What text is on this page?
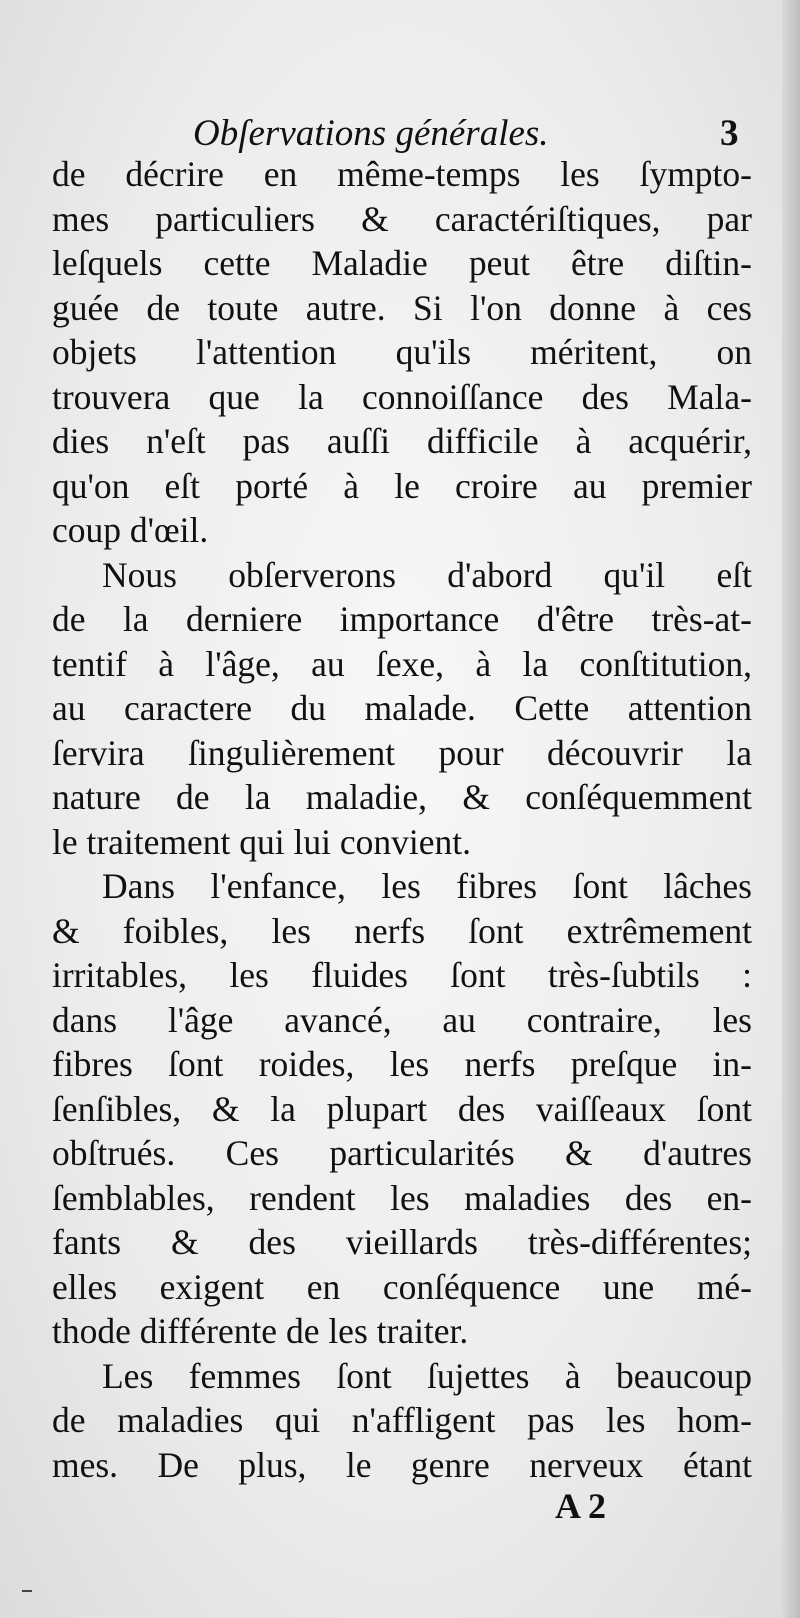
Obſervations générales.	3
de décrire en même-temps les ſympto-
mes particuliers & caractériſtiques, par
leſquels cette Maladie peut être diſtin-
guée de toute autre. Si l'on donne à ces
objets l'attention qu'ils méritent, on
trouvera que la connoiſſance des Mala-
dies n'eſt pas auſſi difficile à acquérir,
qu'on eſt porté à le croire au premier
coup d'œil.
Nous obſerverons d'abord qu'il eſt
de la derniere importance d'être très-at-
tentif à l'âge, au ſexe, à la conſtitution,
au caractere du malade. Cette attention
ſervira ſingulièrement pour découvrir la
nature de la maladie, & conſéquemment
le traitement qui lui convient.
Dans l'enfance, les fibres ſont lâches
& foibles, les nerfs ſont extrêmement
irritables, les fluides ſont très-ſubtils :
dans l'âge avancé, au contraire, les
fibres ſont roides, les nerfs preſque in-
ſenſibles, & la plupart des vaiſſeaux ſont
obſtrués. Ces particularités & d'autres
ſemblables, rendent les maladies des en-
fants & des vieillards très-différentes;
elles exigent en conſéquence une mé-
thode différente de les traiter.
Les femmes ſont ſujettes à beaucoup
de maladies qui n'affligent pas les hom-
mes. De plus, le genre nerveux étant
A 2
